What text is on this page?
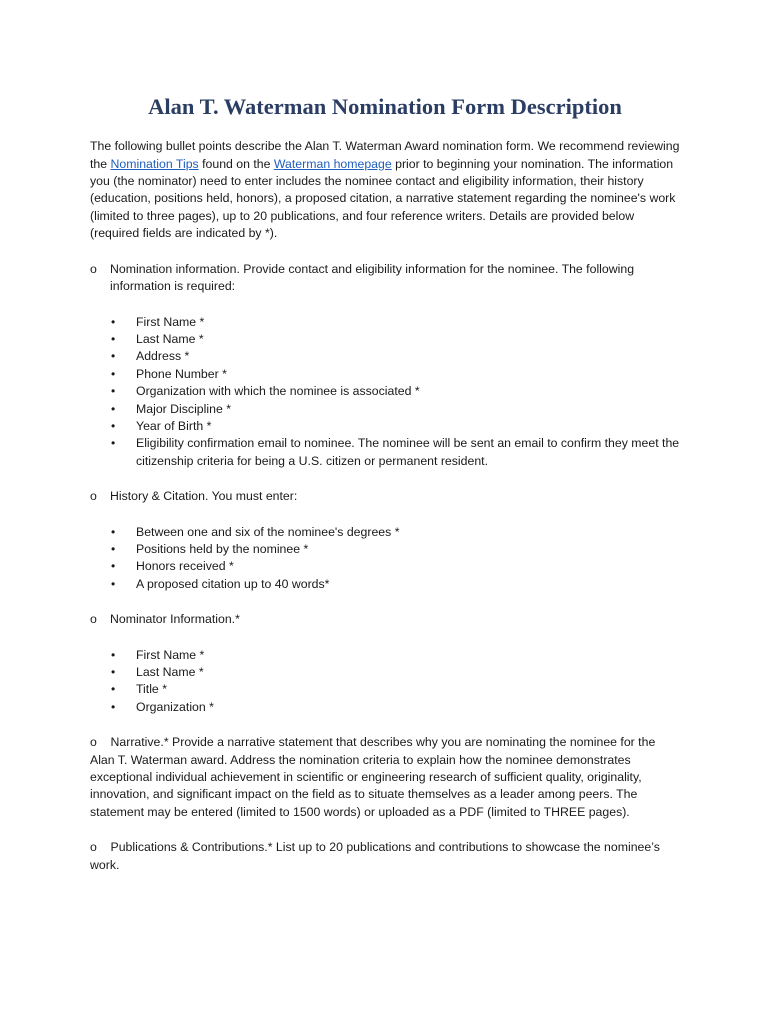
Alan T. Waterman Nomination Form Description

The following bullet points describe the Alan T. Waterman Award nomination form. We recommend reviewing the Nomination Tips found on the Waterman homepage prior to beginning your nomination. The information you (the nominator) need to enter includes the nominee contact and eligibility information, their history (education, positions held, honors), a proposed citation, a narrative statement regarding the nominee's work (limited to three pages), up to 20 publications, and four reference writers. Details are provided below (required fields are indicated by *).

o Nomination information. Provide contact and eligibility information for the nominee. The following information is required:
• First Name *
• Last Name *
• Address *
• Phone Number *
• Organization with which the nominee is associated *
• Major Discipline *
• Year of Birth *
• Eligibility confirmation email to nominee. The nominee will be sent an email to confirm they meet the citizenship criteria for being a U.S. citizen or permanent resident.
o History & Citation. You must enter:
• Between one and six of the nominee's degrees *
• Positions held by the nominee *
• Honors received *
• A proposed citation up to 40 words*
o Nominator Information.*
• First Name *
• Last Name *
• Title *
• Organization *

o Narrative.* Provide a narrative statement that describes why you are nominating the nominee for the Alan T. Waterman award. Address the nomination criteria to explain how the nominee demonstrates exceptional individual achievement in scientific or engineering research of sufficient quality, originality, innovation, and significant impact on the field as to situate themselves as a leader among peers. The statement may be entered (limited to 1500 words) or uploaded as a PDF (limited to THREE pages).

o Publications & Contributions.* List up to 20 publications and contributions to showcase the nominee’s work.
